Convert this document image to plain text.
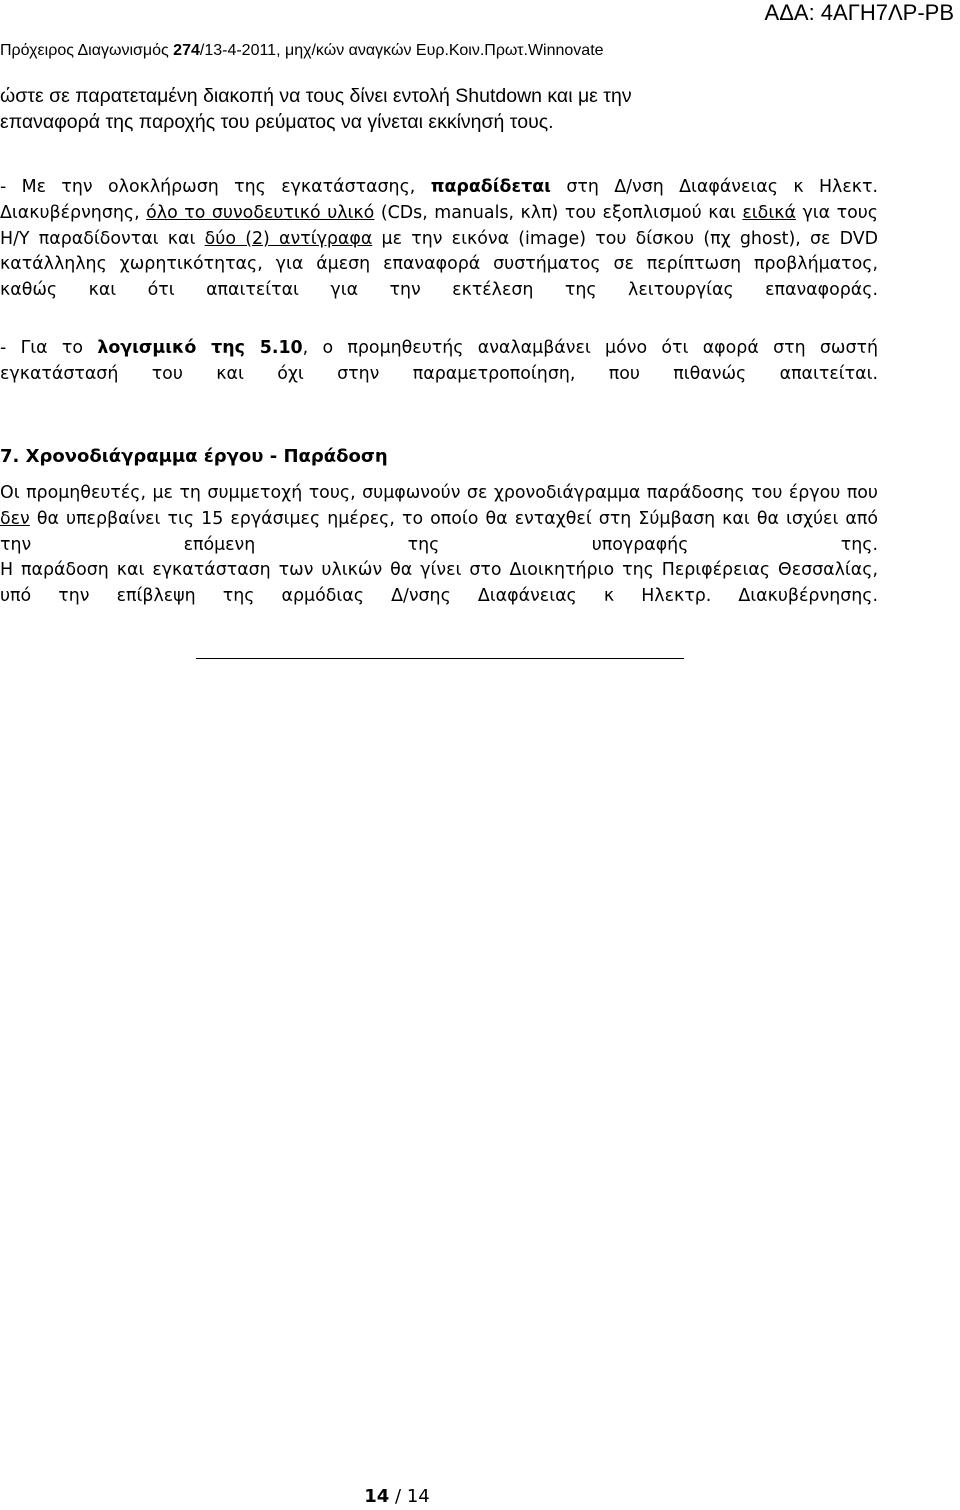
ΑΔΑ: 4ΑΓΗ7ΛΡ-ΡΒ
Πρόχειρος Διαγωνισμός 274/13-4-2011, μηχ/κών αναγκών Ευρ.Κοιν.Πρωτ.Winnovate
ώστε σε παρατεταμένη διακοπή να τους δίνει εντολή Shutdown και με την
επαναφορά της παροχής του ρεύματος να γίνεται εκκίνησή τους.
- Με την ολοκλήρωση της εγκατάστασης, παραδίδεται στη Δ/νση Διαφάνειας κ Ηλεκτ. Διακυβέρνησης, όλο το συνοδευτικό υλικό (CDs, manuals, κλπ) του εξοπλισμού και ειδικά για τους Η/Υ παραδίδονται και δύο (2) αντίγραφα με την εικόνα (image) του δίσκου (πχ ghost), σε DVD κατάλληλης χωρητικότητας, για άμεση επαναφορά συστήματος σε περίπτωση προβλήματος, καθώς και ότι απαιτείται για την εκτέλεση της λειτουργίας επαναφοράς.
- Για το λογισμικό της 5.10, ο προμηθευτής αναλαμβάνει μόνο ότι αφορά στη σωστή εγκατάστασή του και όχι στην παραμετροποίηση, που πιθανώς απαιτείται.
7. Χρονοδιάγραμμα έργου - Παράδοση
Οι προμηθευτές, με τη συμμετοχή τους, συμφωνούν σε χρονοδιάγραμμα παράδοσης του έργου που δεν θα υπερβαίνει τις 15 εργάσιμες ημέρες, το οποίο θα ενταχθεί στη Σύμβαση και θα ισχύει από την επόμενη της υπογραφής της.
Η παράδοση και εγκατάσταση των υλικών θα γίνει στο Διοικητήριο της Περιφέρειας Θεσσαλίας, υπό την επίβλεψη της αρμόδιας Δ/νσης Διαφάνειας κ Ηλεκτρ. Διακυβέρνησης.
14 / 14
